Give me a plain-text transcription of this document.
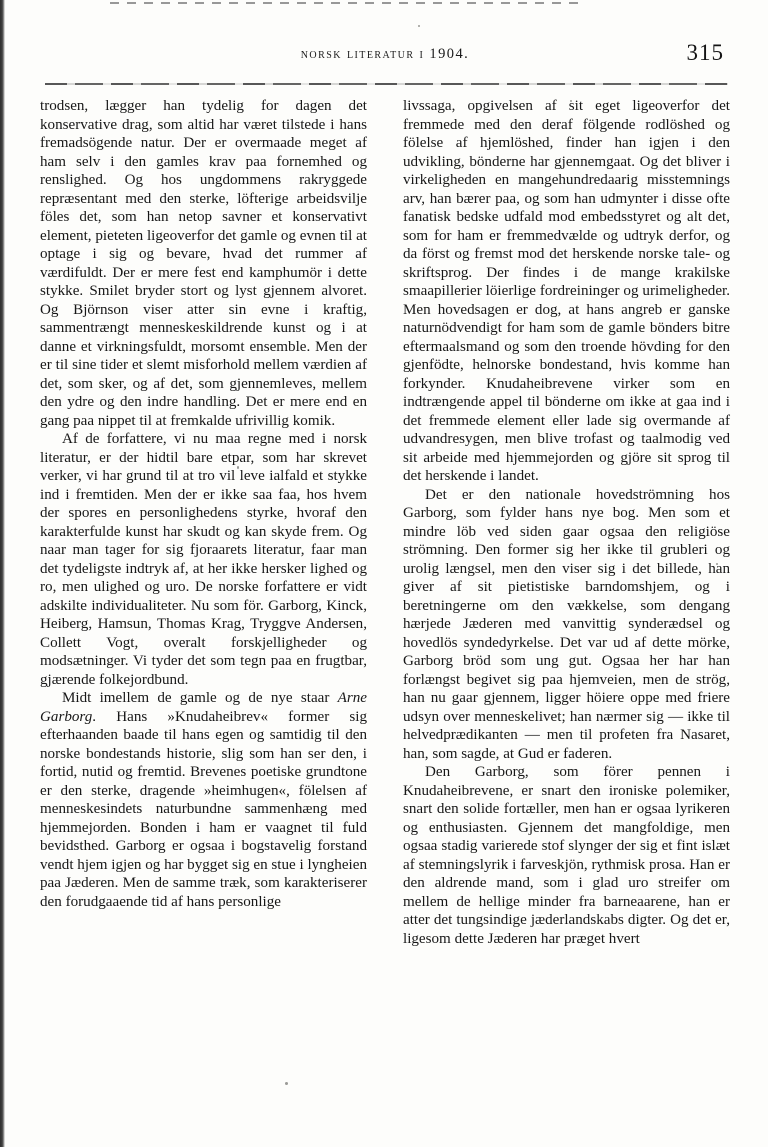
norsk literatur i 1904.	315

trodsen, lægger han tydelig for dagen det konservative drag, som altid har været tilstede i hans fremadsögende natur. Der er overmaade meget af ham selv i den gamles krav paa fornemhed og renslighed. Og hos ungdommens rakryggede repræsentant med den sterke, löfterige arbeidsvilje föles det, som han netop savner et konservativt element, pieteten ligeoverfor det gamle og evnen til at optage i sig og bevare, hvad det rummer af værdifuldt. Der er mere fest end kamphumör i dette stykke. Smilet bryder stort og lyst gjennem alvoret. Og Björnson viser atter sin evne i kraftig, sammentrængt menneskeskildrende kunst og i at danne et virkningsfuldt, morsomt ensemble. Men der er til sine tider et slemt misforhold mellem værdien af det, som sker, og af det, som gjennemleves, mellem den ydre og den indre handling. Det er mere end en gang paa nippet til at fremkalde ufrivillig komik.

Af de forfattere, vi nu maa regne med i norsk literatur, er der hidtil bare etpar, som har skrevet verker, vi har grund til at tro vil leve ialfald et stykke ind i fremtiden. Men der er ikke saa faa, hos hvem der spores en personlighedens styrke, hvoraf den karakterfulde kunst har skudt og kan skyde frem. Og naar man tager for sig fjoraarets literatur, faar man det tydeligste indtryk af, at her ikke hersker lighed og ro, men ulighed og uro. De norske forfattere er vidt adskilte individualiteter. Nu som för. Garborg, Kinck, Heiberg, Hamsun, Thomas Krag, Tryggve Andersen, Collett Vogt, overalt forskjelligheder og modsætninger. Vi tyder det som tegn paa en frugtbar, gjærende folkejordbund.

Midt imellem de gamle og de nye staar Arne Garborg. Hans »Knudaheibrev« former sig efterhaanden baade til hans egen og samtidig til den norske bondestands historie, slig som han ser den, i fortid, nutid og fremtid. Brevenes poetiske grundtone er den sterke, dragende »heimhugen«, fölelsen af menneskesindets naturbundne sammenhæng med hjemmejorden. Bonden i ham er vaagnet til fuld bevidsthed. Garborg er ogsaa i bogstavelig forstand vendt hjem igjen og har bygget sig en stue i lyngheien paa Jæderen. Men de samme træk, som karakteriserer den forudgaaende tid af hans personlige

livssaga, opgivelsen af sit eget ligeoverfor det fremmede med den deraf fölgende rodlöshed og fölelse af hjemlöshed, finder han igjen i den udvikling, bönderne har gjennemgaat. Og det bliver i virkeligheden en mangehundredaarig misstemnings arv, han bærer paa, og som han udmynter i disse ofte fanatisk bedske udfald mod embedsstyret og alt det, som for ham er fremmedvælde og udtryk derfor, og da först og fremst mod det herskende norske tale- og skriftsprog. Der findes i de mange krakilske smaapillerier löierlige fordreininger og urimeligheder. Men hovedsagen er dog, at hans angreb er ganske naturnödvendigt for ham som de gamle bönders bitre eftermaalsmand og som den troende hövding for den gjenfödte, helnorske bondestand, hvis komme han forkynder. Knudaheibrevene virker som en indtrængende appel til bönderne om ikke at gaa ind i det fremmede element eller lade sig overmande af udvandresygen, men blive trofast og taalmodig ved sit arbeide med hjemmejorden og gjöre sit sprog til det herskende i landet.

Det er den nationale hovedströmning hos Garborg, som fylder hans nye bog. Men som et mindre löb ved siden gaar ogsaa den religiöse strömning. Den former sig her ikke til grubleri og urolig længsel, men den viser sig i det billede, han giver af sit pietistiske barndomshjem, og i beretningerne om den vækkelse, som dengang hærjede Jæderen med vanvittig synderædsel og hovedlös syndedyrkelse. Det var ud af dette mörke, Garborg bröd som ung gut. Ogsaa her har han forlængst begivet sig paa hjemveien, men de strög, han nu gaar gjennem, ligger höiere oppe med friere udsyn over menneskelivet; han nærmer sig — ikke til helvedprædikanten — men til profeten fra Nasaret, han, som sagde, at Gud er faderen.

Den Garborg, som förer pennen i Knudaheibrevene, er snart den ironiske polemiker, snart den solide fortæller, men han er ogsaa lyrikeren og enthusiasten. Gjennem det mangfoldige, men ogsaa stadig varierede stof slynger der sig et fint islæt af stemningslyrik i farveskjön, rythmisk prosa. Han er den aldrende mand, som i glad uro streifer om mellem de hellige minder fra barneaarene, han er atter det tungsindige jæderlandskabs digter. Og det er, ligesom dette Jæderen har præget hvert
